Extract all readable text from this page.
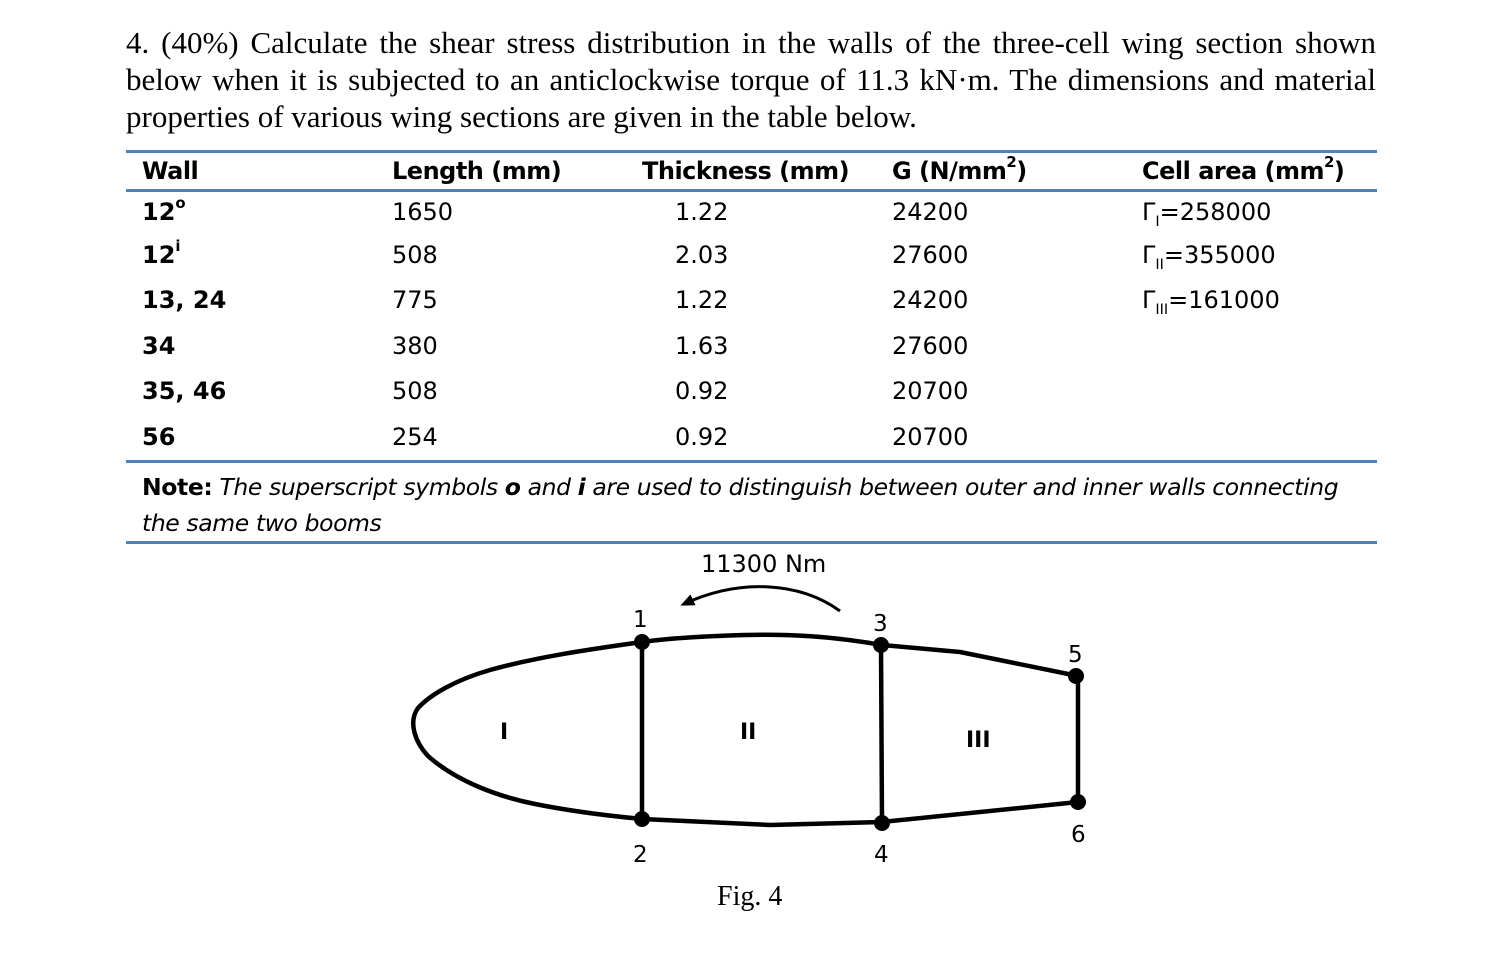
4. (40%) Calculate the shear stress distribution in the walls of the three-cell wing section shown below when it is subjected to an anticlockwise torque of 11.3 kN·m. The dimensions and material properties of various wing sections are given in the table below.
Wall	Length (mm)	Thickness (mm)	G $(N/mm^2)$	Cell area $(mm^2)$
12$^o$	1650	1.22	24200	$\Gamma_I=258000$
12$^i$	508	2.03	27600	$\Gamma_{II}=355000$
13, 24	775	1.22	24200	$\Gamma_{III}=161000$
34	380	1.63	27600	
35, 46	508	0.92	20700	
56	254	0.92	20700	
Note: The superscript symbols o and i are used to distinguish between outer and inner walls connecting the same two booms
1
2
3
4
5
6
I	II	III
11300 Nm
Fig. 4
